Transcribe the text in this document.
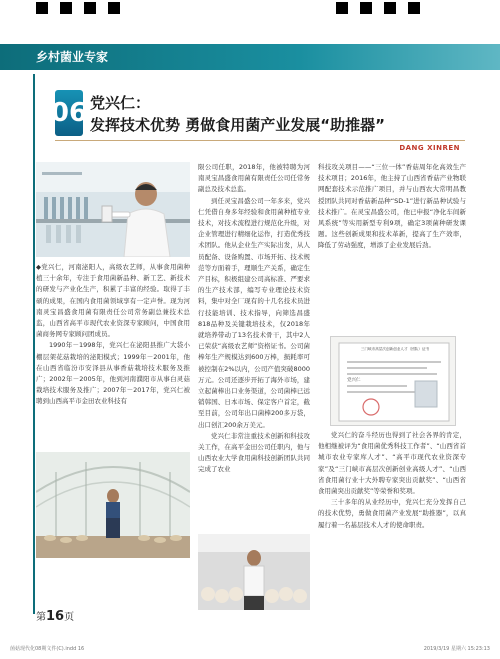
乡村菌业专家
06 党兴仁：
发挥技术优势 勇做食用菌产业发展“助推器”
DANG XINREN

◆党兴仁，河南泌阳人，高级农艺师，从事食用菌种植三十余年，专注于食用菌新品种、新工艺、新技术的研发与产业化生产，积累了丰富的经验。取得了丰硕的成果，在国内食用菌领域享有一定声誉。现为河南灵宝昌盛食用菌有限责任公司常务副总兼技术总监，山西省高平市现代农业资深专家顾问，中国食用菌商务网专家顾问团成员。

1990年－1998年，党兴仁在泌阳县推广大袋小棚层架花菇栽培的泌阳模式；1999年－2001年，他在山西省临汾市安泽县从事香菇栽培技术服务及推广；2002年－2005年，他到河南濮阳市从事白灵菇栽培技术服务及推广；2007年－2017年，党兴仁被聘到山西高平市金田农业科技有

限公司任职，2018年，他被特聘为河南灵宝昌盛食用菌有限责任公司任常务副总及技术总监。

到任灵宝昌盛公司一年多来，党兴仁凭借自身多年经验和食用菌种植专业技术，对技术流程进行规范化升级，对企业管理进行精细化运作，打造优秀技术团队。他从企业生产实际出发，从人员配备、设备购置、市场开拓、技术规范等方面着手，理顺生产关系，确定生产目标，积极组建公司高标准、严要求的生产技术部，编写专业理论技术资料，集中对全厂现有的十几名技术员进行技能培训、技术指导，向筛选昌盛818品种及关键栽培技术，仅2018年就培养带动了13名技术骨干，其中2人已荣获“高级农艺师”资格证书。公司菌棒年生产规模达到600万棒，损耗率可被控制在2%以内，公司产值突破8000万元。公司还逐步开拓了海外市场，建立起菌棒出口业务渠道，公司菌棒已远销韩国、日本市场、保定客户首定，截至目前，公司年出口菌棒200多万袋，出口创汇200余万美元。

党兴仁非常注重技术创新和科技攻关工作，在高平金田公司任职内，他与山西农业大学食用菌科技创新团队共同完成了农业

科技攻关项目——“三位一体”香菇周年化高效生产技术项目；2016年，他主持了山西省香菇产业物联网配套技术示范推广项目，并与山西农大常明昌教授团队共同对香菇新品种“SD-1”进行新品种试验与技术推广。在灵宝昌盛公司，他已申报“净化车间新风系统”等实用新型专利9项，确定3项菌种研发课题。这些创新成果和技术革新，提高了生产效率，降低了劳动强度，增添了企业发展后劲。

三门峡市高层次创新创业人才（团队）证书
党兴仁

党兴仁的奋斗经历也得到了社会各界的肯定，他相继被评为“食用菌优秀科技工作者”、“山西省首城市农业专家库人才”、“高平市现代农业资深专家”及“三门峡市高层次创新创业高级人才”、“山西省食用菌行业十大外聘专家突出贡献奖”、“山西省食用菌突出贡献奖”等荣誉和奖项。

三十多年的从业经历中，党兴仁充分发挥自己的技术优势，勇做食用菌产业发展“助推器”，以真履行着一名基层技术人才的使命职责。

第16页
菌菇现代化08期文件(C).indd 16	2019/3/19 星期六 15:23:13
